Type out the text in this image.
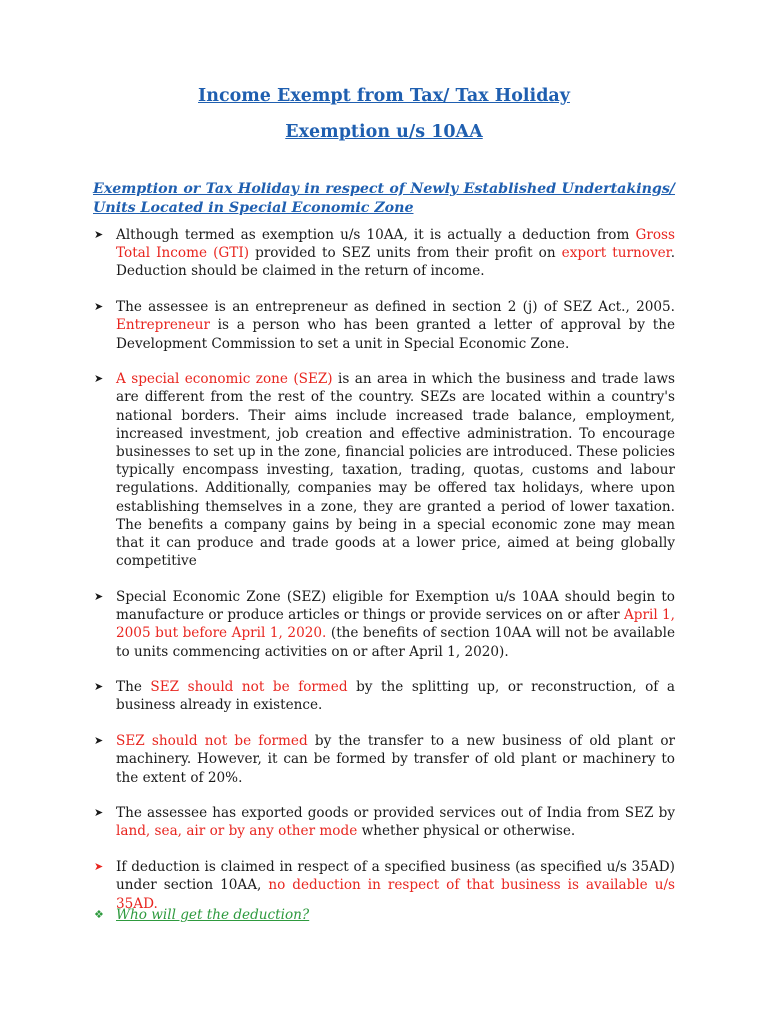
Income Exempt from Tax/ Tax Holiday
Exemption u/s 10AA
Exemption or Tax Holiday in respect of Newly Established Undertakings/ Units Located in Special Economic Zone

➤ Although termed as exemption u/s 10AA, it is actually a deduction from Gross Total Income (GTI) provided to SEZ units from their profit on export turnover. Deduction should be claimed in the return of income.

➤ The assessee is an entrepreneur as defined in section 2 (j) of SEZ Act., 2005. Entrepreneur is a person who has been granted a letter of approval by the Development Commission to set a unit in Special Economic Zone.

➤ A special economic zone (SEZ) is an area in which the business and trade laws are different from the rest of the country. SEZs are located within a country's national borders. Their aims include increased trade balance, employment, increased investment, job creation and effective administration. To encourage businesses to set up in the zone, financial policies are introduced. These policies typically encompass investing, taxation, trading, quotas, customs and labour regulations. Additionally, companies may be offered tax holidays, where upon establishing themselves in a zone, they are granted a period of lower taxation. The benefits a company gains by being in a special economic zone may mean that it can produce and trade goods at a lower price, aimed at being globally competitive

➤ Special Economic Zone (SEZ) eligible for Exemption u/s 10AA should begin to manufacture or produce articles or things or provide services on or after April 1, 2005 but before April 1, 2020. (the benefits of section 10AA will not be available to units commencing activities on or after April 1, 2020).

➤ The SEZ should not be formed by the splitting up, or reconstruction, of a business already in existence.

➤ SEZ should not be formed by the transfer to a new business of old plant or machinery. However, it can be formed by transfer of old plant or machinery to the extent of 20%.

➤ The assessee has exported goods or provided services out of India from SEZ by land, sea, air or by any other mode whether physical or otherwise.

➤ If deduction is claimed in respect of a specified business (as specified u/s 35AD) under section 10AA, no deduction in respect of that business is available u/s 35AD.

❖ Who will get the deduction?
